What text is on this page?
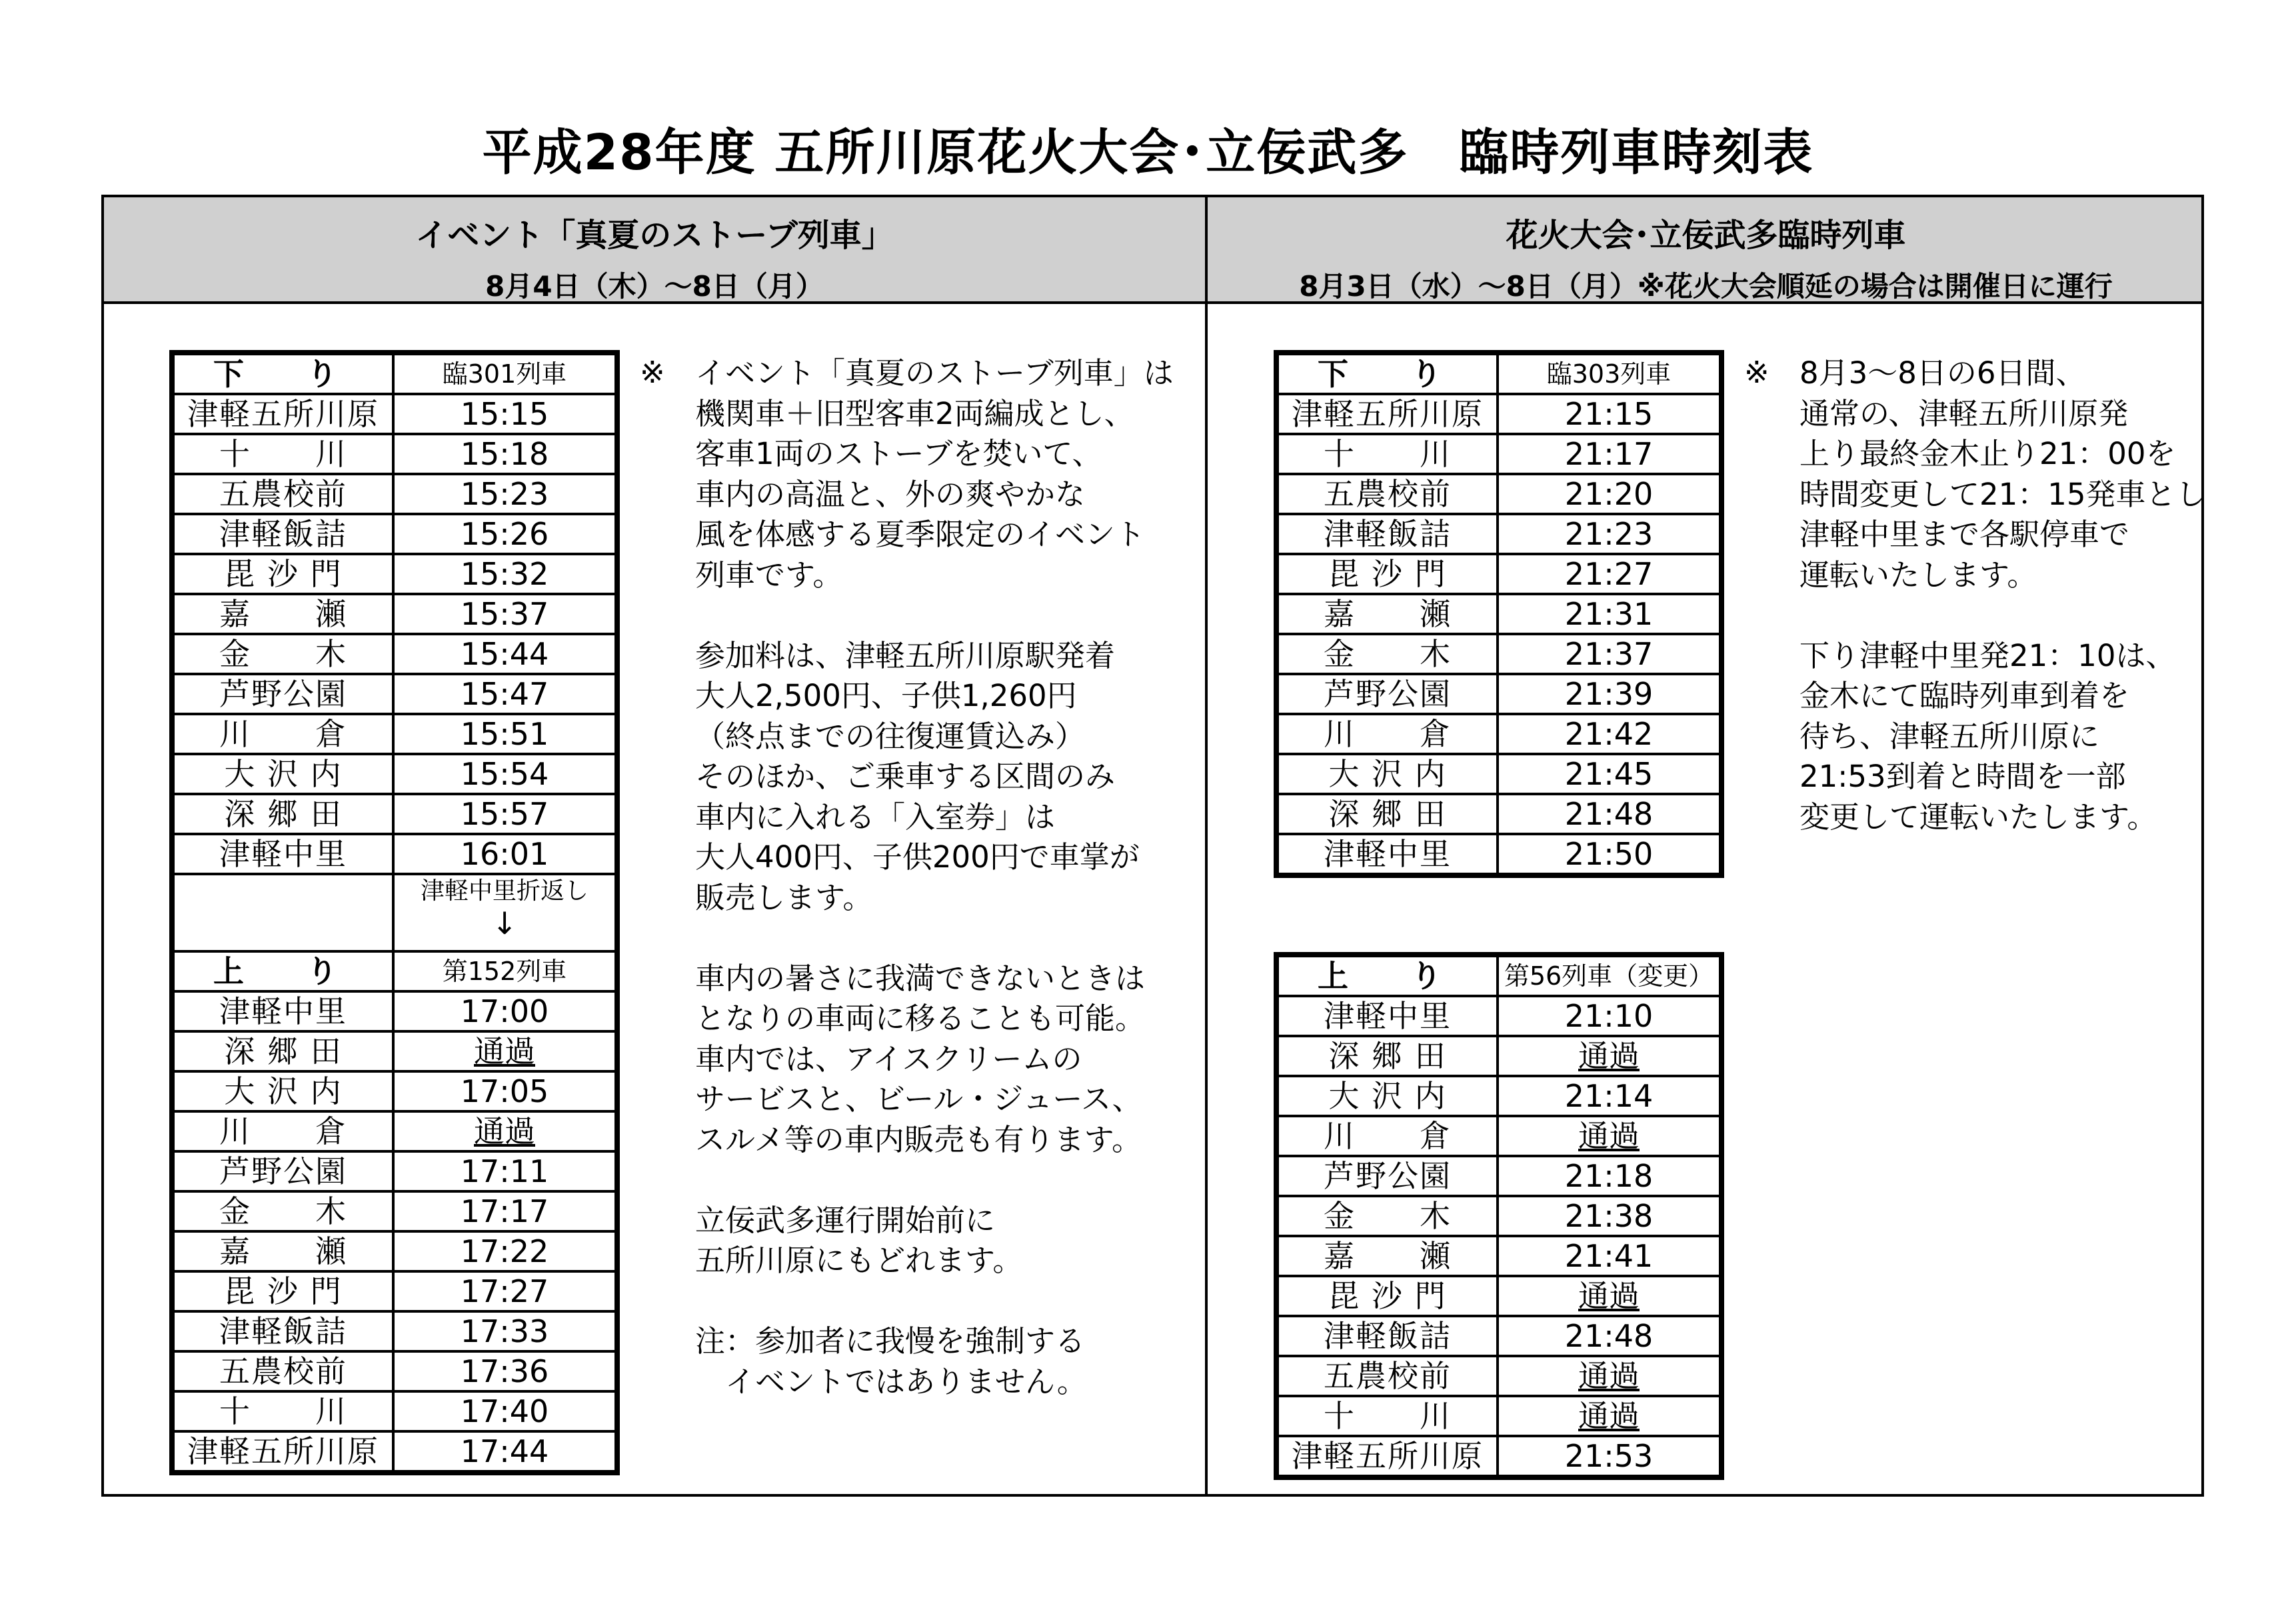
平成28年度 五所川原花火大会･立佞武多　臨時列車時刻表
イベント「真夏のストーブ列車」
8月4日（木）～8日（月）
花火大会･立佞武多臨時列車
8月3日（水）～8日（月）※花火大会順延の場合は開催日に運行
下　り	臨301列車
津軽五所川原	15:15
十　　川	15:18
五農校前	15:23
津軽飯詰	15:26
毘 沙 門	15:32
嘉　　瀬	15:37
金　　木	15:44
芦野公園	15:47
川　　倉	15:51
大 沢 内	15:54
深 郷 田	15:57
津軽中里	16:01

	津軽中里折返し
↓

上　り	第152列車
津軽中里	17:00
深 郷 田	通過
大 沢 内	17:05
川　　倉	通過
芦野公園	17:11
金　　木	17:17
嘉　　瀬	17:22
毘 沙 門	17:27
津軽飯詰	17:33
五農校前	17:36
十　　川	17:40
津軽五所川原	17:44
※ イベント「真夏のストーブ列車」は
機関車＋旧型客車2両編成とし、
客車1両のストーブを焚いて、
車内の高温と、外の爽やかな
風を体感する夏季限定のイベント
列車です。

参加料は、津軽五所川原駅発着
大人2,500円、子供1,260円
（終点までの往復運賃込み）
そのほか、ご乗車する区間のみ
車内に入れる「入室券」は
大人400円、子供200円で車掌が
販売します。

車内の暑さに我満できないときは
となりの車両に移ることも可能。
車内では、アイスクリームの
サービスと、ビール・ジュース、
スルメ等の車内販売も有ります。

立佞武多運行開始前に
五所川原にもどれます。

注：参加者に我慢を強制する
　イベントではありません。
下　り	臨303列車
津軽五所川原	21:15
十　　川	21:17
五農校前	21:20
津軽飯詰	21:23
毘 沙 門	21:27
嘉　　瀬	21:31
金　　木	21:37
芦野公園	21:39
川　　倉	21:42
大 沢 内	21:45
深 郷 田	21:48
津軽中里	21:50
上　り	第56列車（変更）
津軽中里	21:10
深 郷 田	通過
大 沢 内	21:14
川　　倉	通過
芦野公園	21:18
金　　木	21:38
嘉　　瀬	21:41
毘 沙 門	通過
津軽飯詰	21:48
五農校前	通過
十　　川	通過
津軽五所川原	21:53
※ 8月3～8日の6日間、
通常の、津軽五所川原発
上り最終金木止り21：00を
時間変更して21：15発車とし
津軽中里まで各駅停車で
運転いたします。

下り津軽中里発21：10は、
金木にて臨時列車到着を
待ち、津軽五所川原に
21:53到着と時間を一部
変更して運転いたします。
